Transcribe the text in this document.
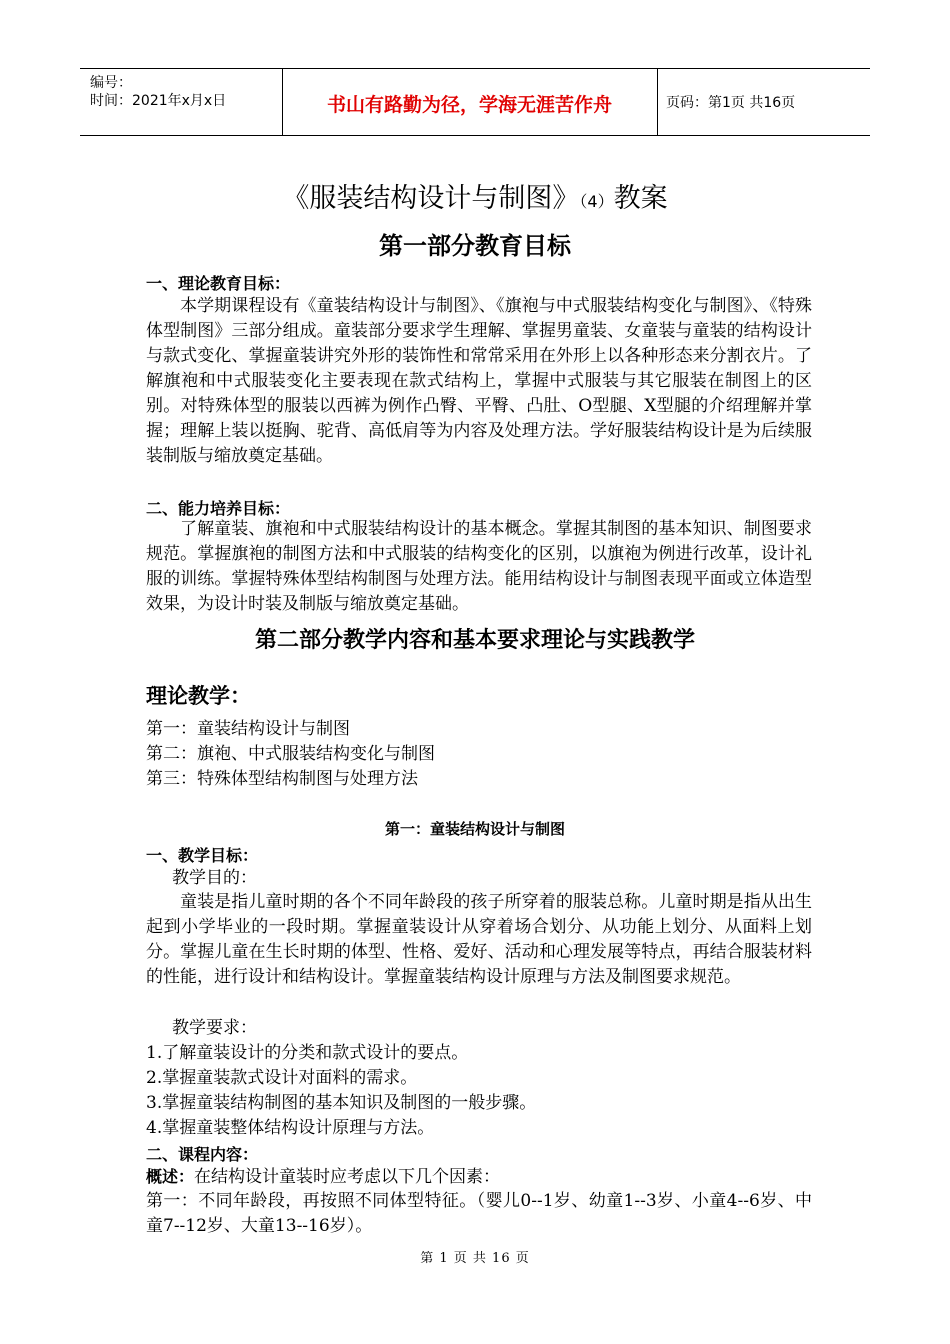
编号：
时间：2021年x月x日	书山有路勤为径，学海无涯苦作舟	页码：第1页 共16页
《服装结构设计与制图》（4）教案
第一部分教育目标
一、理论教育目标：
本学期课程设有《童装结构设计与制图》、《旗袍与中式服装结构变化与制图》、《特殊体型制图》三部分组成。童装部分要求学生理解、掌握男童装、女童装与童装的结构设计与款式变化、掌握童装讲究外形的装饰性和常常采用在外形上以各种形态来分割衣片。了解旗袍和中式服装变化主要表现在款式结构上，掌握中式服装与其它服装在制图上的区别。对特殊体型的服装以西裤为例作凸臀、平臀、凸肚、O型腿、X型腿的介绍理解并掌握；理解上装以挺胸、驼背、高低肩等为内容及处理方法。学好服装结构设计是为后续服装制版与缩放奠定基础。
二、能力培养目标：
了解童装、旗袍和中式服装结构设计的基本概念。掌握其制图的基本知识、制图要求规范。掌握旗袍的制图方法和中式服装的结构变化的区别，以旗袍为例进行改革，设计礼服的训练。掌握特殊体型结构制图与处理方法。能用结构设计与制图表现平面或立体造型效果，为设计时装及制版与缩放奠定基础。
第二部分教学内容和基本要求理论与实践教学
理论教学：
第一：童装结构设计与制图
第二：旗袍、中式服装结构变化与制图
第三：特殊体型结构制图与处理方法
第一：童装结构设计与制图
一、教学目标：
教学目的：
童装是指儿童时期的各个不同年龄段的孩子所穿着的服装总称。儿童时期是指从出生起到小学毕业的一段时期。掌握童装设计从穿着场合划分、从功能上划分、从面料上划分。掌握儿童在生长时期的体型、性格、爱好、活动和心理发展等特点，再结合服装材料的性能，进行设计和结构设计。掌握童装结构设计原理与方法及制图要求规范。
教学要求：
1.了解童装设计的分类和款式设计的要点。
2.掌握童装款式设计对面料的需求。
3.掌握童装结构制图的基本知识及制图的一般步骤。
4.掌握童装整体结构设计原理与方法。
二、课程内容：
概述：在结构设计童装时应考虑以下几个因素：
第一：不同年龄段，再按照不同体型特征。（婴儿0--1岁、幼童1--3岁、小童4--6岁、中童7--12岁、大童13--16岁）。
第 1 页 共 16 页
